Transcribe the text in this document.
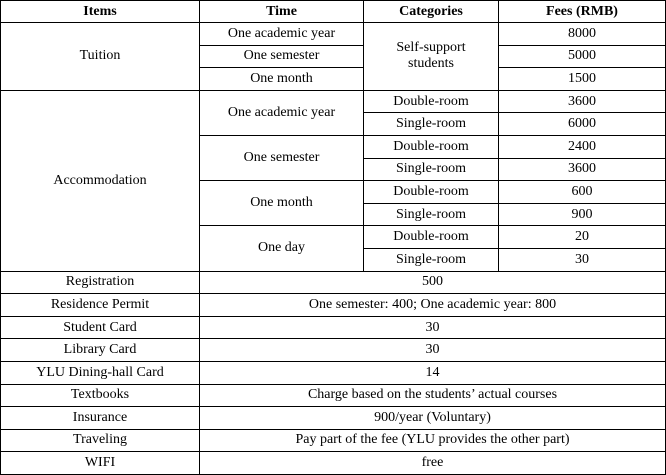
Items	Time	Categories	Fees (RMB)
Tuition	One academic year	Self-support students	8000
	One semester		5000
	One month		1500
Accommodation	One academic year	Double-room	3600
		Single-room	6000
	One semester	Double-room	2400
		Single-room	3600
	One month	Double-room	600
		Single-room	900
	One day	Double-room	20
		Single-room	30
Registration	500		
Residence Permit	One semester: 400; One academic year: 800		
Student Card	30		
Library Card	30		
YLU Dining-hall Card	14		
Textbooks	Charge based on the students’ actual courses		
Insurance	900/year (Voluntary)		
Traveling	Pay part of the fee (YLU provides the other part)		
WIFI	free		
